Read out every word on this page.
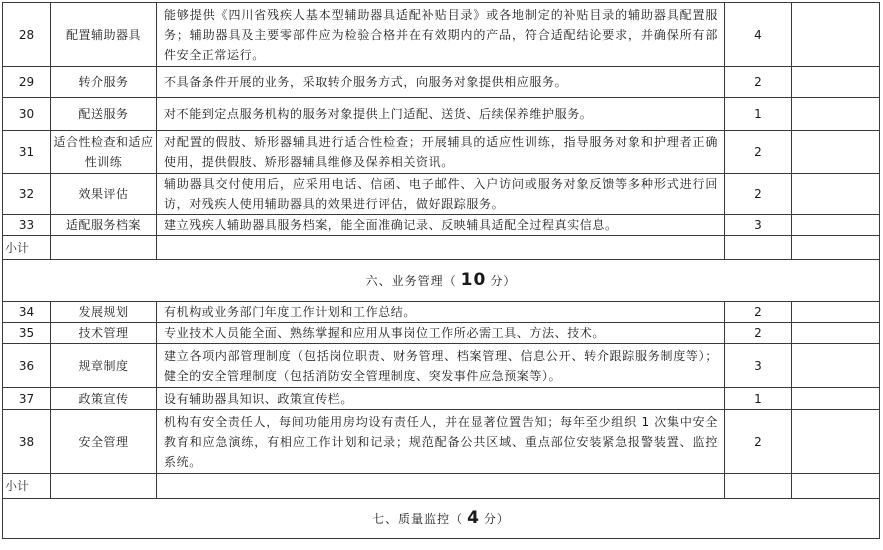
28	配置辅助器具	能够提供《四川省残疾人基本型辅助器具适配补贴目录》或各地制定的补贴目录的辅助器具配置服务；辅助器具及主要零部件应为检验合格并在有效期内的产品，符合适配结论要求，并确保所有部件安全正常运行。	4	
29	转介服务	不具备条件开展的业务，采取转介服务方式，向服务对象提供相应服务。	2	
30	配送服务	对不能到定点服务机构的服务对象提供上门适配、送货、后续保养维护服务。	1	
31	适合性检查和适应性训练	对配置的假肢、矫形器辅具进行适合性检查；开展辅具的适应性训练，指导服务对象和护理者正确使用，提供假肢、矫形器辅具维修及保养相关资讯。	2	
32	效果评估	辅助器具交付使用后，应采用电话、信函、电子邮件、入户访问或服务对象反馈等多种形式进行回访，对残疾人使用辅助器具的效果进行评估，做好跟踪服务。	2	
33	适配服务档案	建立残疾人辅助器具服务档案，能全面准确记录、反映辅具适配全过程真实信息。	3	
小计				
六、业务管理（ 10 分）				
34	发展规划	有机构或业务部门年度工作计划和工作总结。	2	
35	技术管理	专业技术人员能全面、熟练掌握和应用从事岗位工作所必需工具、方法、技术。	2	
36	规章制度	建立各项内部管理制度（包括岗位职责、财务管理、档案管理、信息公开、转介跟踪服务制度等）；健全的安全管理制度（包括消防安全管理制度、突发事件应急预案等）。	3	
37	政策宣传	设有辅助器具知识、政策宣传栏。	1	
38	安全管理	机构有安全责任人，每间功能用房均设有责任人，并在显著位置告知；每年至少组织 1 次集中安全教育和应急演练，有相应工作计划和记录；规范配备公共区域、重点部位安装紧急报警装置、监控系统。	2	
小计				
七、质量监控（ 4 分）				
